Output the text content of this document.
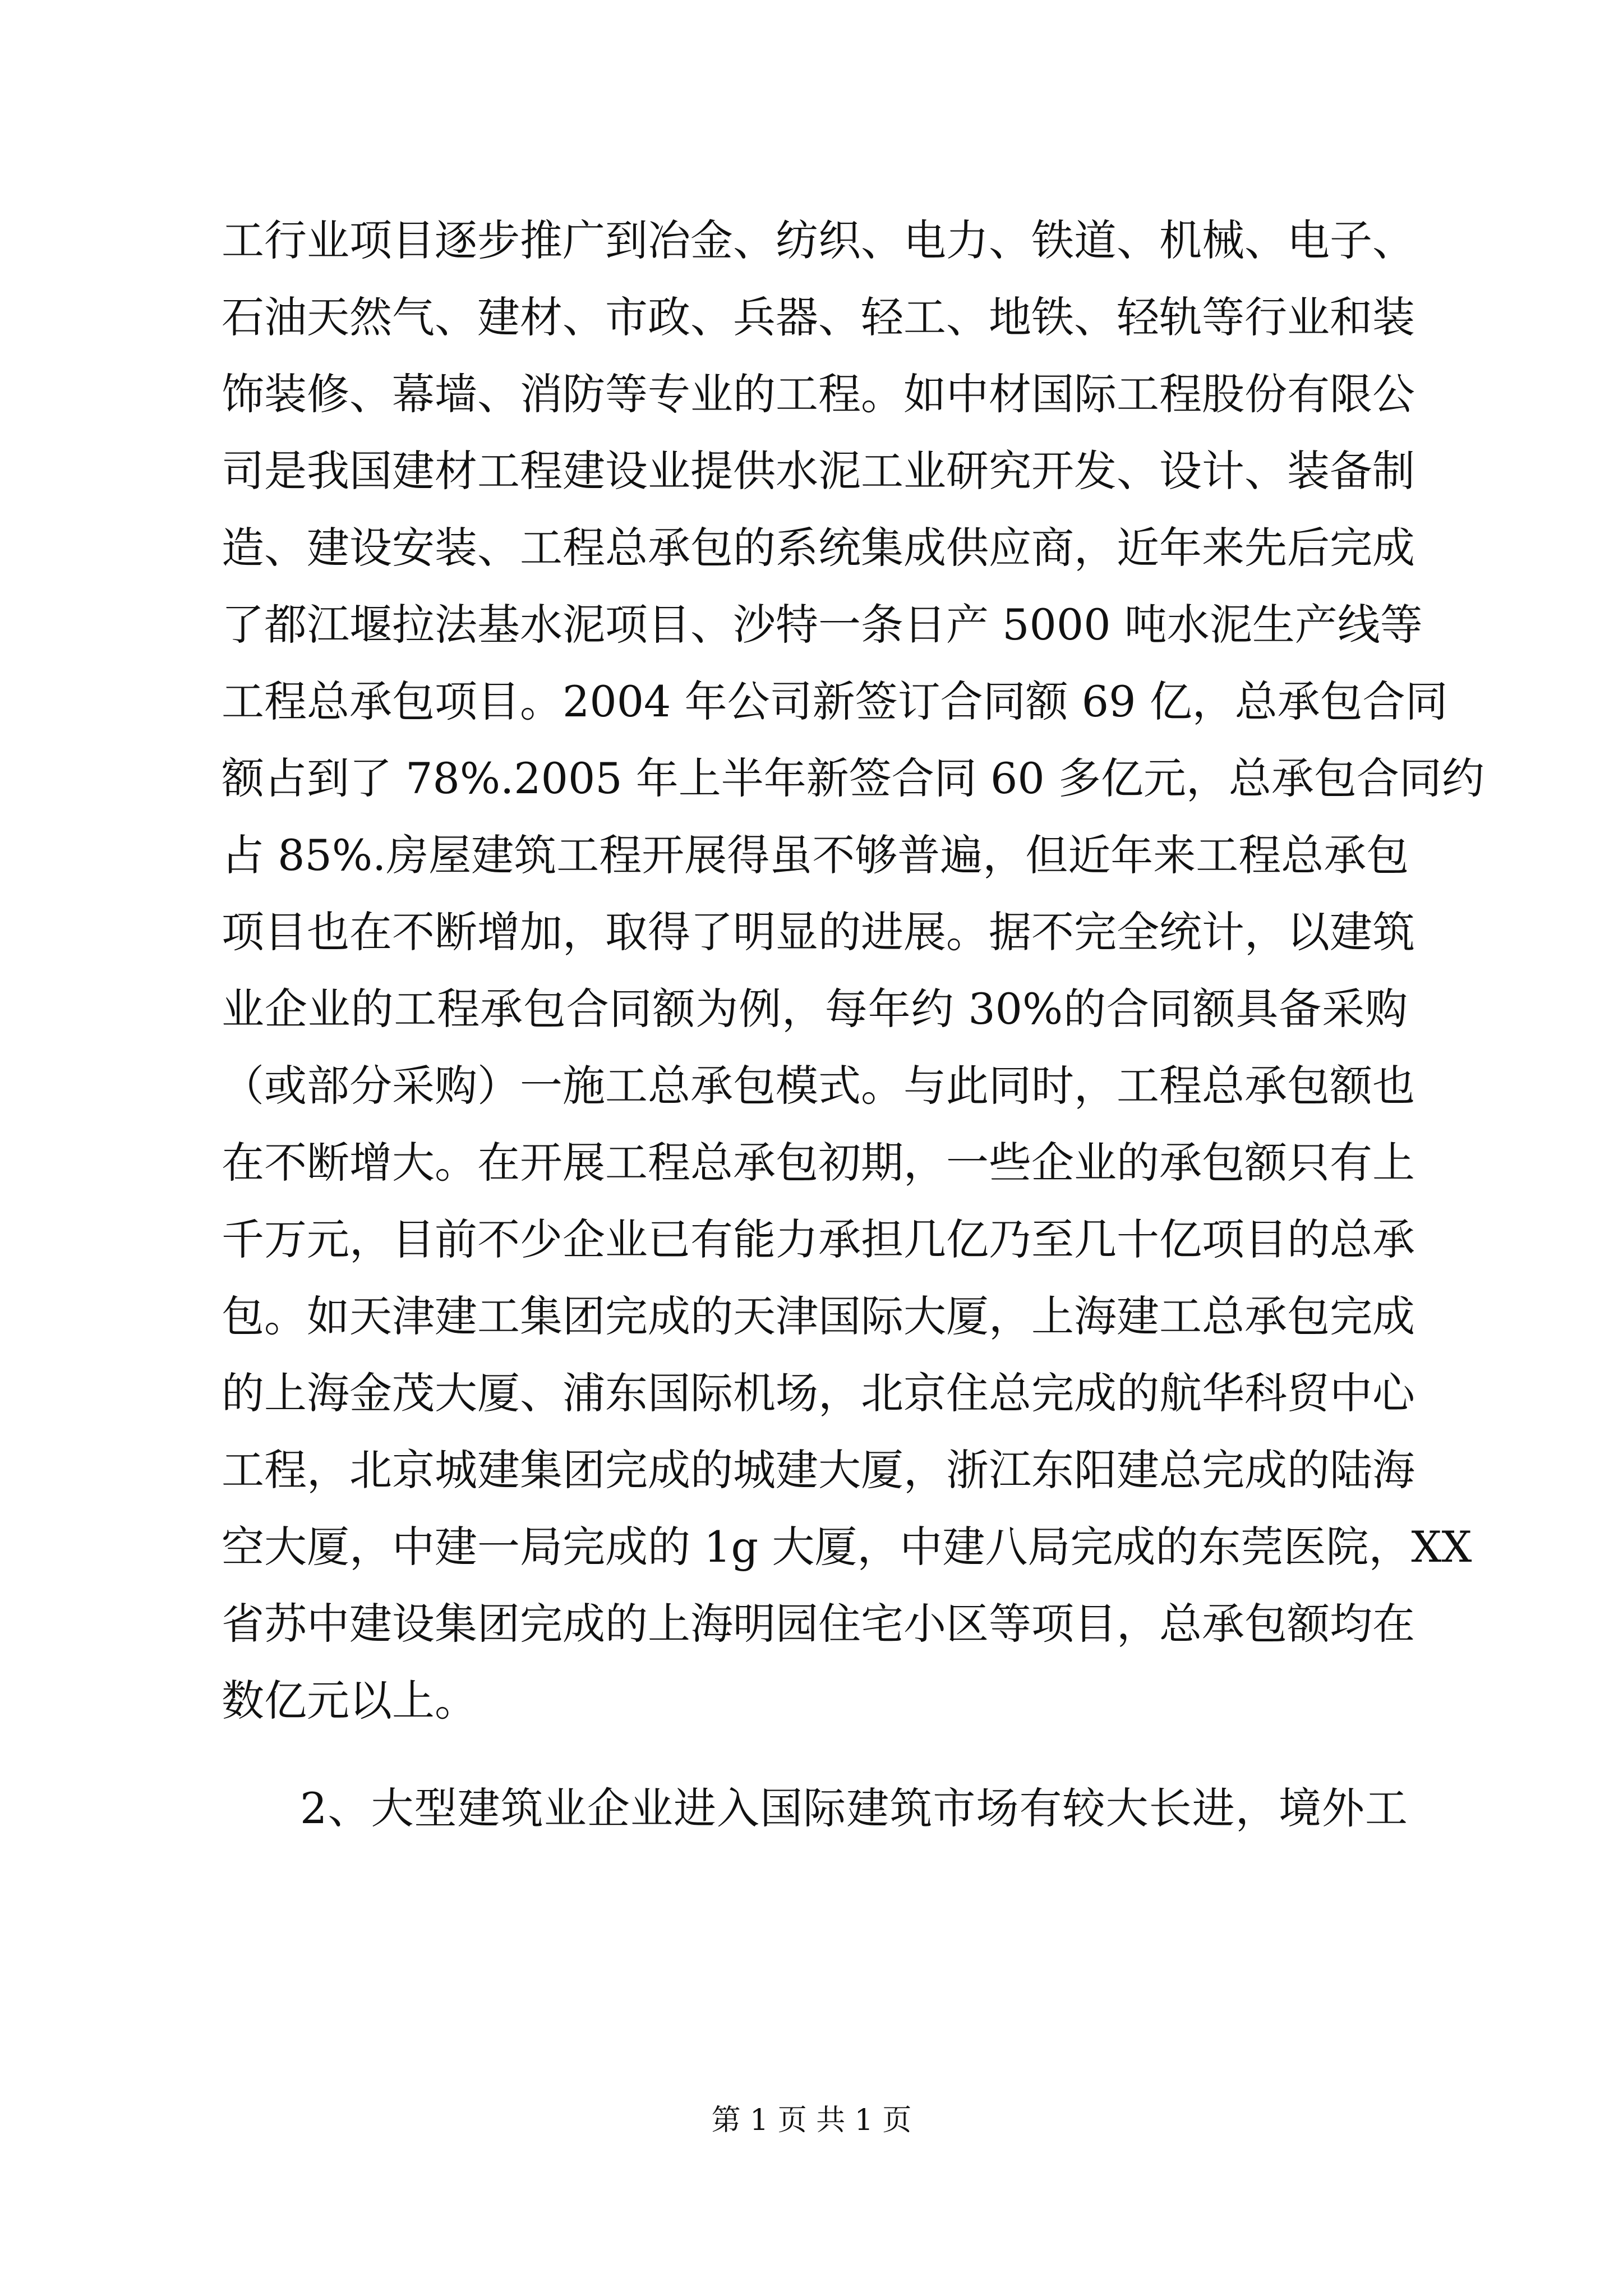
工行业项目逐步推广到冶金、纺织、电力、铁道、机械、电子、
石油天然气、建材、市政、兵器、轻工、地铁、轻轨等行业和装
饰装修、幕墙、消防等专业的工程。如中材国际工程股份有限公
司是我国建材工程建设业提供水泥工业研究开发、设计、装备制
造、建设安装、工程总承包的系统集成供应商，近年来先后完成
了都江堰拉法基水泥项目、沙特一条日产 5000 吨水泥生产线等
工程总承包项目。2004 年公司新签订合同额 69 亿，总承包合同
额占到了 78%.2005 年上半年新签合同 60 多亿元，总承包合同约
占 85%.房屋建筑工程开展得虽不够普遍，但近年来工程总承包
项目也在不断增加，取得了明显的进展。据不完全统计，以建筑
业企业的工程承包合同额为例，每年约 30%的合同额具备采购
（或部分采购）一施工总承包模式。与此同时，工程总承包额也
在不断增大。在开展工程总承包初期，一些企业的承包额只有上
千万元，目前不少企业已有能力承担几亿乃至几十亿项目的总承
包。如天津建工集团完成的天津国际大厦，上海建工总承包完成
的上海金茂大厦、浦东国际机场，北京住总完成的航华科贸中心
工程，北京城建集团完成的城建大厦，浙江东阳建总完成的陆海
空大厦，中建一局完成的 1g 大厦，中建八局完成的东莞医院，XX
省苏中建设集团完成的上海明园住宅小区等项目，总承包额均在
数亿元以上。
2、大型建筑业企业进入国际建筑市场有较大长进，境外工
第 1 页 共 1 页
